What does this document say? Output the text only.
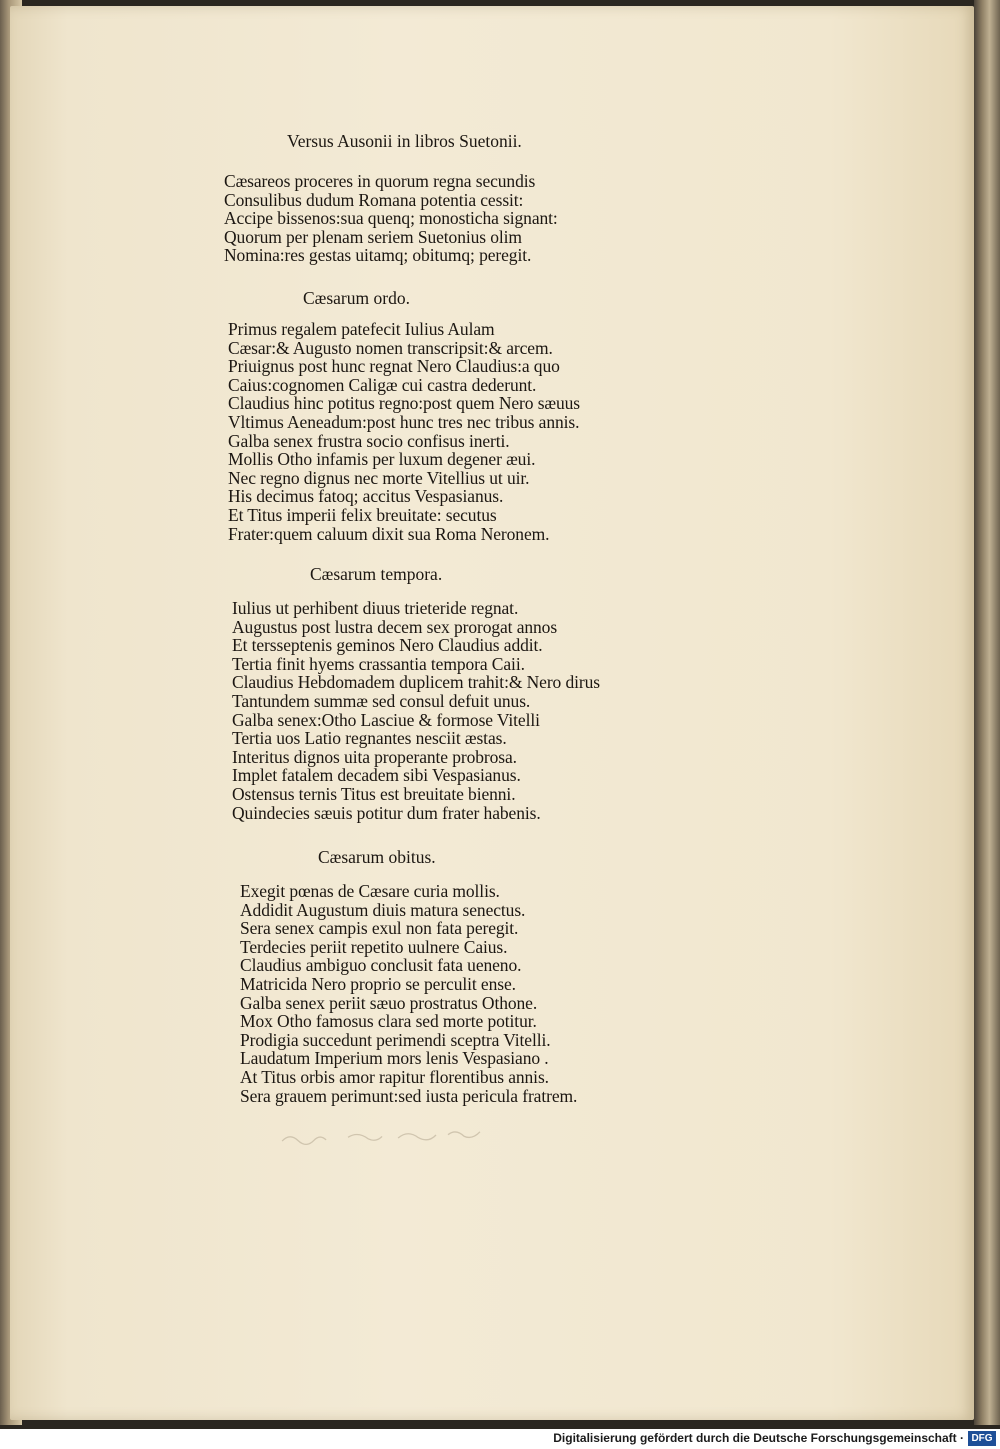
Versus Ausonii in libros Suetonii.
Cæsareos proceres in quorum regna secundis
Consulibus dudum Romana potentia cessit:
Accipe bissenos:sua quenq; monosticha signant:
Quorum per plenam seriem Suetonius olim
Nomina:res gestas uitamq; obitumq; peregit.
Cæsarum ordo.
Primus regalem patefecit Iulius Aulam
Cæsar:& Augusto nomen transcripsit:& arcem.
Priuignus post hunc regnat Nero Claudius:a quo
Caius:cognomen Caligæ cui castra dederunt.
Claudius hinc potitus regno:post quem Nero sæuus
Vltimus Aeneadum:post hunc tres nec tribus annis.
Galba senex frustra socio confisus inerti.
Mollis Otho infamis per luxum degener æui.
Nec regno dignus nec morte Vitellius ut uir.
His decimus fatoq; accitus Vespasianus.
Et Titus imperii felix breuitate: secutus
Frater:quem caluum dixit sua Roma Neronem.
Cæsarum tempora.
Iulius ut perhibent diuus trieteride regnat.
Augustus post lustra decem sex prorogat annos
Et tersseptenis geminos Nero Claudius addit.
Tertia finit hyems crassantia tempora Caii.
Claudius Hebdomadem duplicem trahit:& Nero dirus
Tantundem summæ sed consul defuit unus.
Galba senex:Otho Lasciue & formose Vitelli
Tertia uos Latio regnantes nesciit æstas.
Interitus dignos uita properante probrosa.
Implet fatalem decadem sibi Vespasianus.
Ostensus ternis Titus est breuitate bienni.
Quindecies sæuis potitur dum frater habenis.
Cæsarum obitus.
Exegit pœnas de Cæsare curia mollis.
Addidit Augustum diuis matura senectus.
Sera senex campis exul non fata peregit.
Terdecies periit repetito uulnere Caius.
Claudius ambiguo conclusit fata ueneno.
Matricida Nero proprio se perculit ense.
Galba senex periit sæuo prostratus Othone.
Mox Otho famosus clara sed morte potitur.
Prodigia succedunt perimendi sceptra Vitelli.
Laudatum Imperium mors lenis Vespasiano .
At Titus orbis amor rapitur florentibus annis.
Sera grauem perimunt:sed iusta pericula fratrem.
Digitalisierung gefördert durch die Deutsche Forschungsgemeinschaft · DFG
